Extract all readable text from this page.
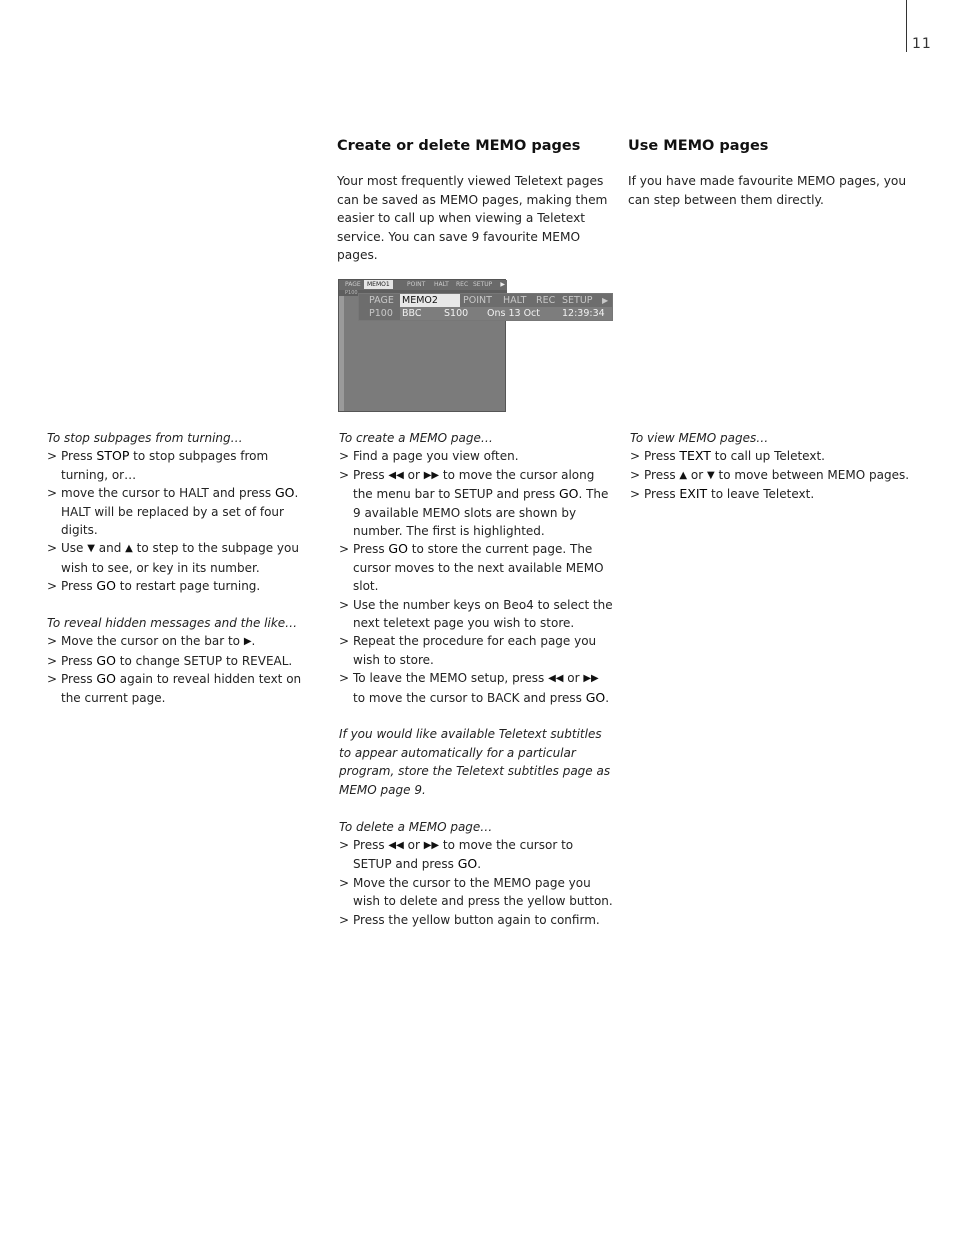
11
Create or delete MEMO pages
Your most frequently viewed Teletext pages can be saved as MEMO pages, making them easier to call up when viewing a Teletext service. You can save 9 favourite MEMO pages.
Use MEMO pages
If you have made favourite MEMO pages, you can step between them directly.
PAGE	MEMO1	POINT HALT REC SETUP ▶
P100
PAGE MEMO2	POINT HALT REC SETUP ▶
P100 BBC S100 Ons 13 Oct 12:39:34

To stop subpages from turning…

> Press STOP to stop subpages from turning, or…
> move the cursor to HALT and press GO. HALT will be replaced by a set of four digits.
> Use ▼ and ▲ to step to the subpage you wish to see, or key in its number.
> Press GO to restart page turning.

To reveal hidden messages and the like…

> Move the cursor on the bar to ▶.
> Press GO to change SETUP to REVEAL.
> Press GO again to reveal hidden text on the current page.

To create a MEMO page…

> Find a page you view often.
> Press ◀◀ or ▶▶ to move the cursor along the menu bar to SETUP and press GO. The 9 available MEMO slots are shown by number. The first is highlighted.
> Press GO to store the current page. The cursor moves to the next available MEMO slot.
> Use the number keys on Beo4 to select the next teletext page you wish to store.
> Repeat the procedure for each page you wish to store.
> To leave the MEMO setup, press ◀◀ or ▶▶ to move the cursor to BACK and press GO.

If you would like available Teletext subtitles to appear automatically for a particular program, store the Teletext subtitles page as MEMO page 9.

To delete a MEMO page…

> Press ◀◀ or ▶▶ to move the cursor to SETUP and press GO.
> Move the cursor to the MEMO page you wish to delete and press the yellow button.
> Press the yellow button again to confirm.

To view MEMO pages…

> Press TEXT to call up Teletext.
> Press ▲ or ▼ to move between MEMO pages.
> Press EXIT to leave Teletext.
